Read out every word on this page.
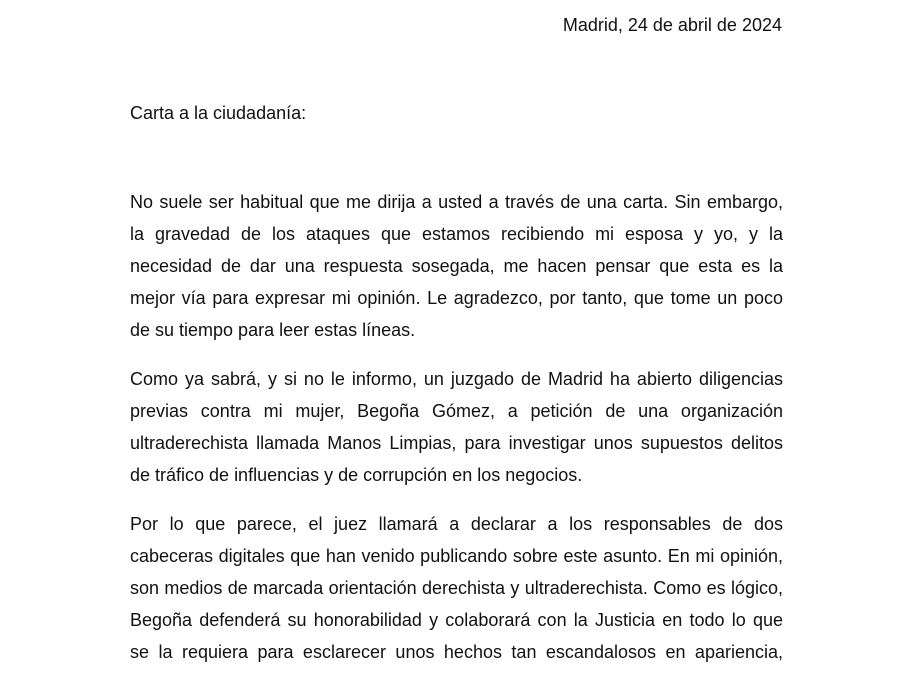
Madrid, 24 de abril de 2024
Carta a la ciudadanía:

No suele ser habitual que me dirija a usted a través de una carta. Sin embargo,
la gravedad de los ataques que estamos recibiendo mi esposa y yo, y la
necesidad de dar una respuesta sosegada, me hacen pensar que esta es la
mejor vía para expresar mi opinión. Le agradezco, por tanto, que tome un poco
de su tiempo para leer estas líneas.

Como ya sabrá, y si no le informo, un juzgado de Madrid ha abierto diligencias
previas contra mi mujer, Begoña Gómez, a petición de una organización
ultraderechista llamada Manos Limpias, para investigar unos supuestos delitos
de tráfico de influencias y de corrupción en los negocios.

Por lo que parece, el juez llamará a declarar a los responsables de dos
cabeceras digitales que han venido publicando sobre este asunto. En mi opinión,
son medios de marcada orientación derechista y ultraderechista. Como es lógico,
Begoña defenderá su honorabilidad y colaborará con la Justicia en todo lo que
se la requiera para esclarecer unos hechos tan escandalosos en apariencia,
